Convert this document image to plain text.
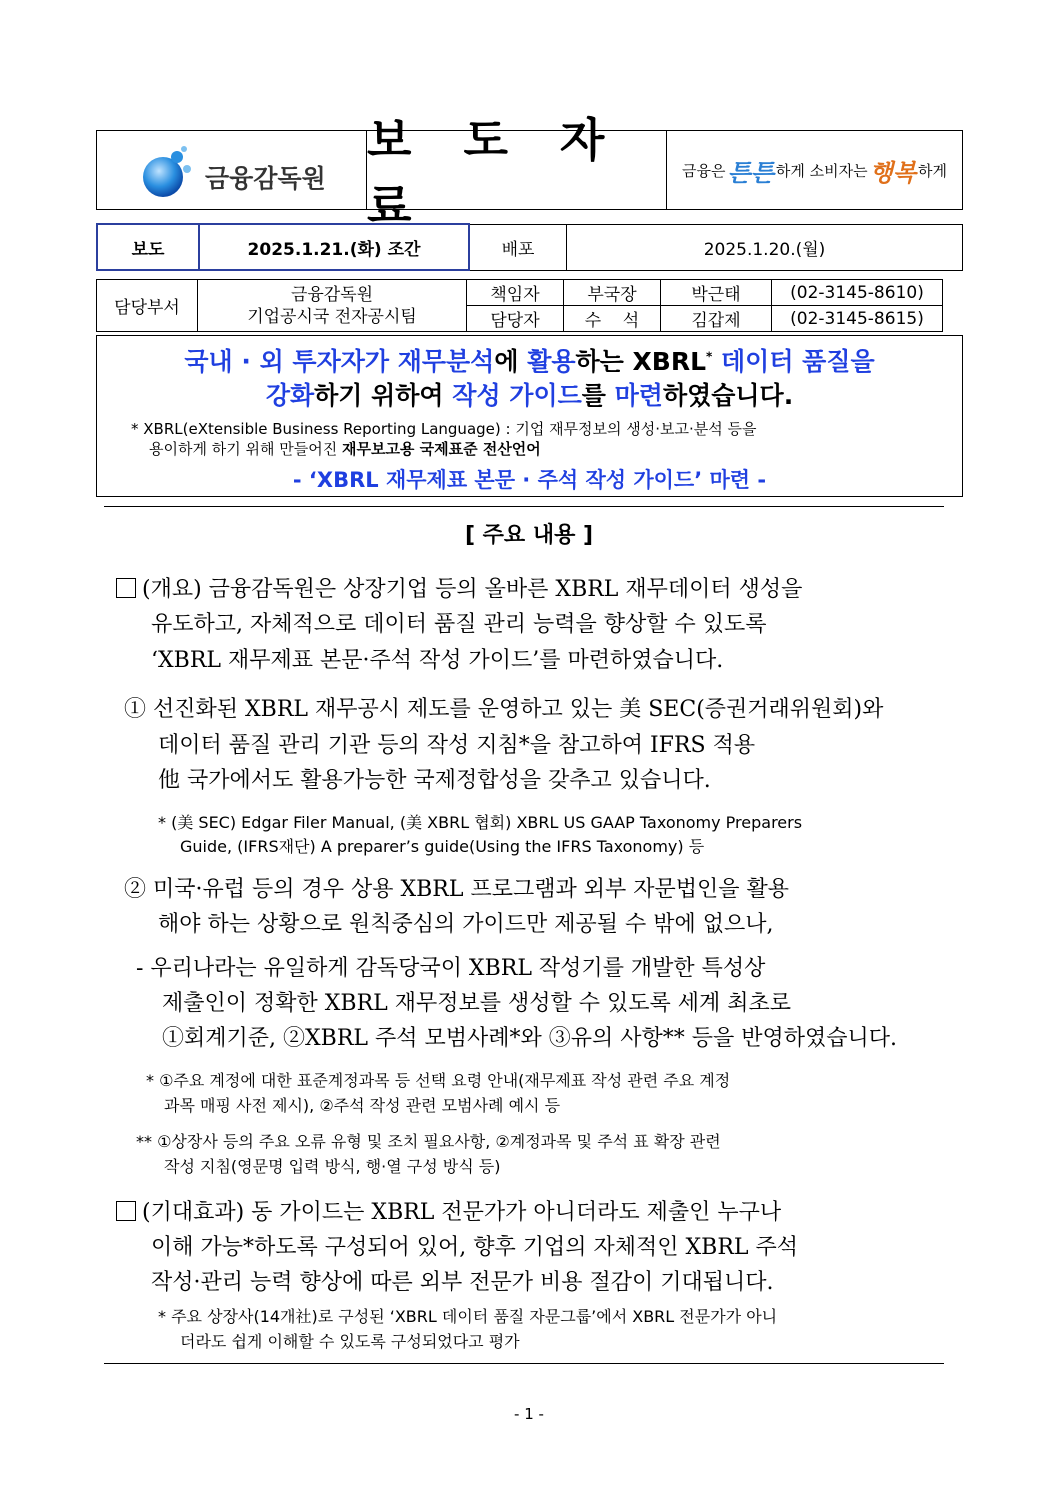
금융감독원
보 도 자 료
금융은 튼튼 하게 소비자는 행복 하게
보도	2025.1.21.(화) 조간	배포	2025.1.20.(월)
담당부서	금융감독원
기업공시국 전자공시팀	책임자	부국장	박근태	(02-3145-8610)
		담당자	수    석	김갑제	(02-3145-8615)
국내 · 외 투자자가 재무분석에 활용하는 XBRL* 데이터 품질을
강화하기 위하여 작성 가이드를 마련하였습니다.
* XBRL(eXtensible Business Reporting Language) : 기업 재무정보의 생성·보고·분석 등을
용이하게 하기 위해 만들어진 재무보고용 국제표준 전산언어
- ‘XBRL 재무제표 본문 · 주석 작성 가이드’ 마련 -
[ 주요 내용 ]
(개요) 금융감독원은 상장기업 등의 올바른 XBRL 재무데이터 생성을
유도하고, 자체적으로 데이터 품질 관리 능력을 향상할 수 있도록
‘XBRL 재무제표 본문·주석 작성 가이드’를 마련하였습니다.
① 선진화된 XBRL 재무공시 제도를 운영하고 있는 美 SEC(증권거래위원회)와
데이터 품질 관리 기관 등의 작성 지침*을 참고하여 IFRS 적용
他 국가에서도 활용가능한 국제정합성을 갖추고 있습니다.
* (美 SEC) Edgar Filer Manual, (美 XBRL 협회) XBRL US GAAP Taxonomy Preparers
Guide, (IFRS재단) A preparer’s guide(Using the IFRS Taxonomy) 등
② 미국·유럽 등의 경우 상용 XBRL 프로그램과 외부 자문법인을 활용
해야 하는 상황으로 원칙중심의 가이드만 제공될 수 밖에 없으나,
- 우리나라는 유일하게 감독당국이 XBRL 작성기를 개발한 특성상
제출인이 정확한 XBRL 재무정보를 생성할 수 있도록 세계 최초로
①회계기준, ②XBRL 주석 모범사례*와 ③유의 사항** 등을 반영하였습니다.
* ①주요 계정에 대한 표준계정과목 등 선택 요령 안내(재무제표 작성 관련 주요 계정
과목 매핑 사전 제시), ②주석 작성 관련 모범사례 예시 등
** ①상장사 등의 주요 오류 유형 및 조치 필요사항, ②계정과목 및 주석 표 확장 관련
작성 지침(영문명 입력 방식, 행·열 구성 방식 등)
(기대효과) 동 가이드는 XBRL 전문가가 아니더라도 제출인 누구나
이해 가능*하도록 구성되어 있어, 향후 기업의 자체적인 XBRL 주석
작성·관리 능력 향상에 따른 외부 전문가 비용 절감이 기대됩니다.
* 주요 상장사(14개社)로 구성된 ‘XBRL 데이터 품질 자문그룹’에서 XBRL 전문가가 아니
더라도 쉽게 이해할 수 있도록 구성되었다고 평가
- 1 -
